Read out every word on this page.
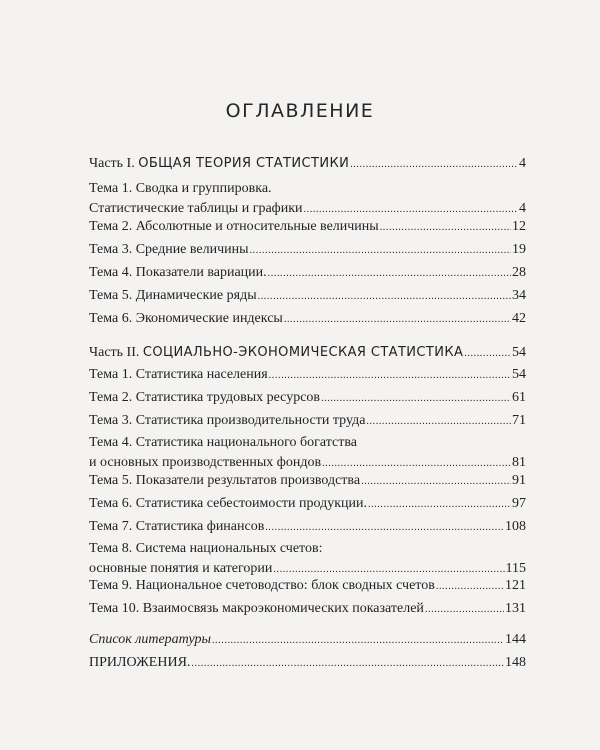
ОГЛАВЛЕНИЕ
Часть I. ОБЩАЯ ТЕОРИЯ СТАТИСТИКИ .....	4
Тема 1. Сводка и группировка.
Статистические таблицы и графики .....	4
Тема 2. Абсолютные и относительные величины .....	12
Тема 3. Средние величины .....	19
Тема 4. Показатели вариации. .....	28
Тема 5. Динамические ряды .....	34
Тема 6. Экономические индексы .....	42
Часть II. СОЦИАЛЬНО-ЭКОНОМИЧЕСКАЯ СТАТИСТИКА .....	54
Тема 1. Статистика населения .....	54
Тема 2. Статистика трудовых ресурсов .....	61
Тема 3. Статистика производительности труда .....	71
Тема 4. Статистика национального богатства
и основных производственных фондов .....	81
Тема 5. Показатели результатов производства .....	91
Тема 6. Статистика себестоимости продукции. .....	97
Тема 7. Статистика финансов .....	108
Тема 8. Система национальных счетов:
основные понятия и категории .....	115
Тема 9. Национальное счетоводство: блок сводных счетов .....	121
Тема 10. Взаимосвязь макроэкономических показателей .....	131
Список литературы .....	144
ПРИЛОЖЕНИЯ. .....	148
